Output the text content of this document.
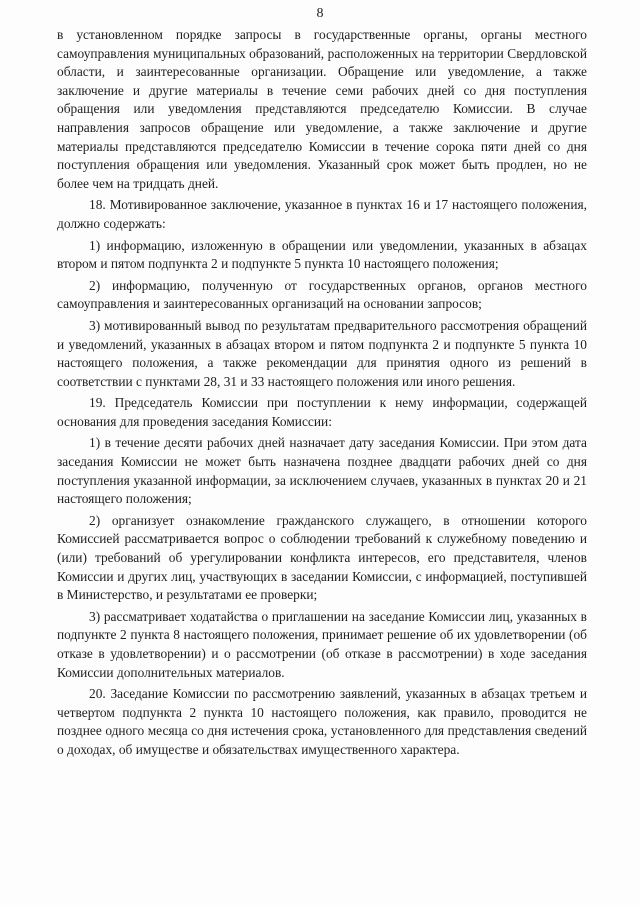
8

в установленном порядке запросы в государственные органы, органы местного самоуправления муниципальных образований, расположенных на территории Свердловской области, и заинтересованные организации. Обращение или уведомление, а также заключение и другие материалы в течение семи рабочих дней со дня поступления обращения или уведомления представляются председателю Комиссии. В случае направления запросов обращение или уведомление, а также заключение и другие материалы представляются председателю Комиссии в течение сорока пяти дней со дня поступления обращения или уведомления. Указанный срок может быть продлен, но не более чем на тридцать дней.

18. Мотивированное заключение, указанное в пунктах 16 и 17 настоящего положения, должно содержать:

1) информацию, изложенную в обращении или уведомлении, указанных в абзацах втором и пятом подпункта 2 и подпункте 5 пункта 10 настоящего положения;

2) информацию, полученную от государственных органов, органов местного самоуправления и заинтересованных организаций на основании запросов;

3) мотивированный вывод по результатам предварительного рассмотрения обращений и уведомлений, указанных в абзацах втором и пятом подпункта 2 и подпункте 5 пункта 10 настоящего положения, а также рекомендации для принятия одного из решений в соответствии с пунктами 28, 31 и 33 настоящего положения или иного решения.

19. Председатель Комиссии при поступлении к нему информации, содержащей основания для проведения заседания Комиссии:

1) в течение десяти рабочих дней назначает дату заседания Комиссии. При этом дата заседания Комиссии не может быть назначена позднее двадцати рабочих дней со дня поступления указанной информации, за исключением случаев, указанных в пунктах 20 и 21 настоящего положения;

2) организует ознакомление гражданского служащего, в отношении которого Комиссией рассматривается вопрос о соблюдении требований к служебному поведению и (или) требований об урегулировании конфликта интересов, его представителя, членов Комиссии и других лиц, участвующих в заседании Комиссии, с информацией, поступившей в Министерство, и результатами ее проверки;

3) рассматривает ходатайства о приглашении на заседание Комиссии лиц, указанных в подпункте 2 пункта 8 настоящего положения, принимает решение об их удовлетворении (об отказе в удовлетворении) и о рассмотрении (об отказе в рассмотрении) в ходе заседания Комиссии дополнительных материалов.

20. Заседание Комиссии по рассмотрению заявлений, указанных в абзацах третьем и четвертом подпункта 2 пункта 10 настоящего положения, как правило, проводится не позднее одного месяца со дня истечения срока, установленного для представления сведений о доходах, об имуществе и обязательствах имущественного характера.
